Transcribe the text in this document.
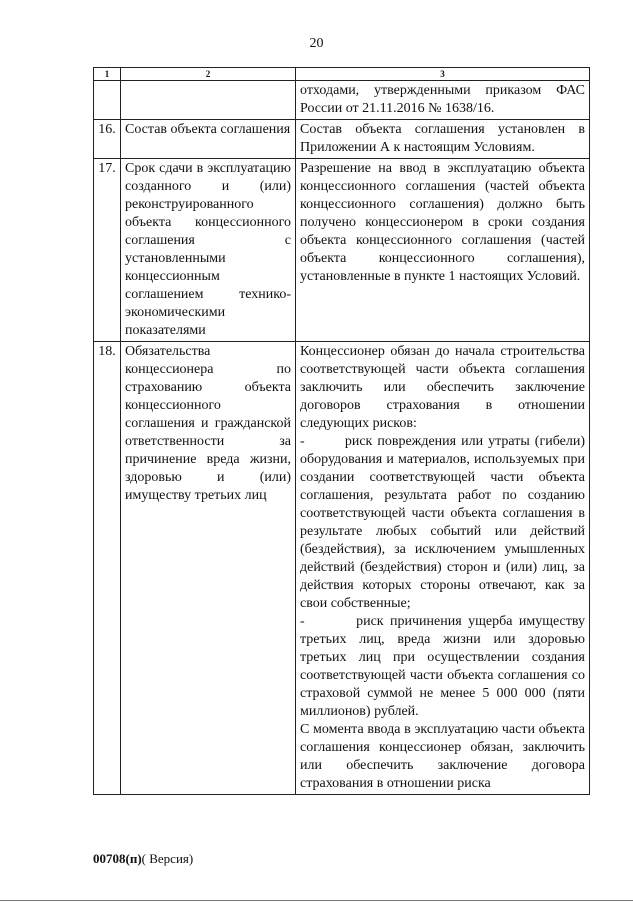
20
1	2	3

		отходами, утвержденными приказом ФАС России от 21.11.2016 № 1638/16.

16.	Состав объекта соглашения	Состав объекта соглашения установлен в Приложении А к настоящим Условиям.

17.	Срок сдачи в эксплуатацию созданного и (или) реконструированного объекта концессионного соглашения с установленными концессионным соглашением технико-экономическими показателями	Разрешение на ввод в эксплуатацию объекта концессионного соглашения (частей объекта концессионного соглашения) должно быть получено концессионером в сроки создания объекта концессионного соглашения (частей объекта концессионного соглашения), установленные в пункте 1 настоящих Условий.

18.	Обязательства концессионера по страхованию объекта концессионного соглашения и гражданской ответственности за причинение вреда жизни, здоровью и (или) имуществу третьих лиц	Концессионер обязан до начала строительства соответствующей части объекта соглашения заключить или обеспечить заключение договоров страхования в отношении следующих рисков:

-        риск повреждения или утраты (гибели) оборудования и материалов, используемых при создании соответствующей части объекта соглашения, результата работ по созданию соответствующей части объекта соглашения в результате любых событий или действий (бездействия), за исключением умышленных действий (бездействия) сторон и (или) лиц, за действия которых стороны отвечают, как за свои собственные;

-        риск причинения ущерба имуществу третьих лиц, вреда жизни или здоровью третьих лиц при осуществлении создания соответствующей части объекта соглашения со страховой суммой не менее 5 000 000 (пяти миллионов) рублей.

С момента ввода в эксплуатацию части объекта соглашения концессионер обязан, заключить или обеспечить заключение договора страхования в отношении риска

00708(п)( Версия)
